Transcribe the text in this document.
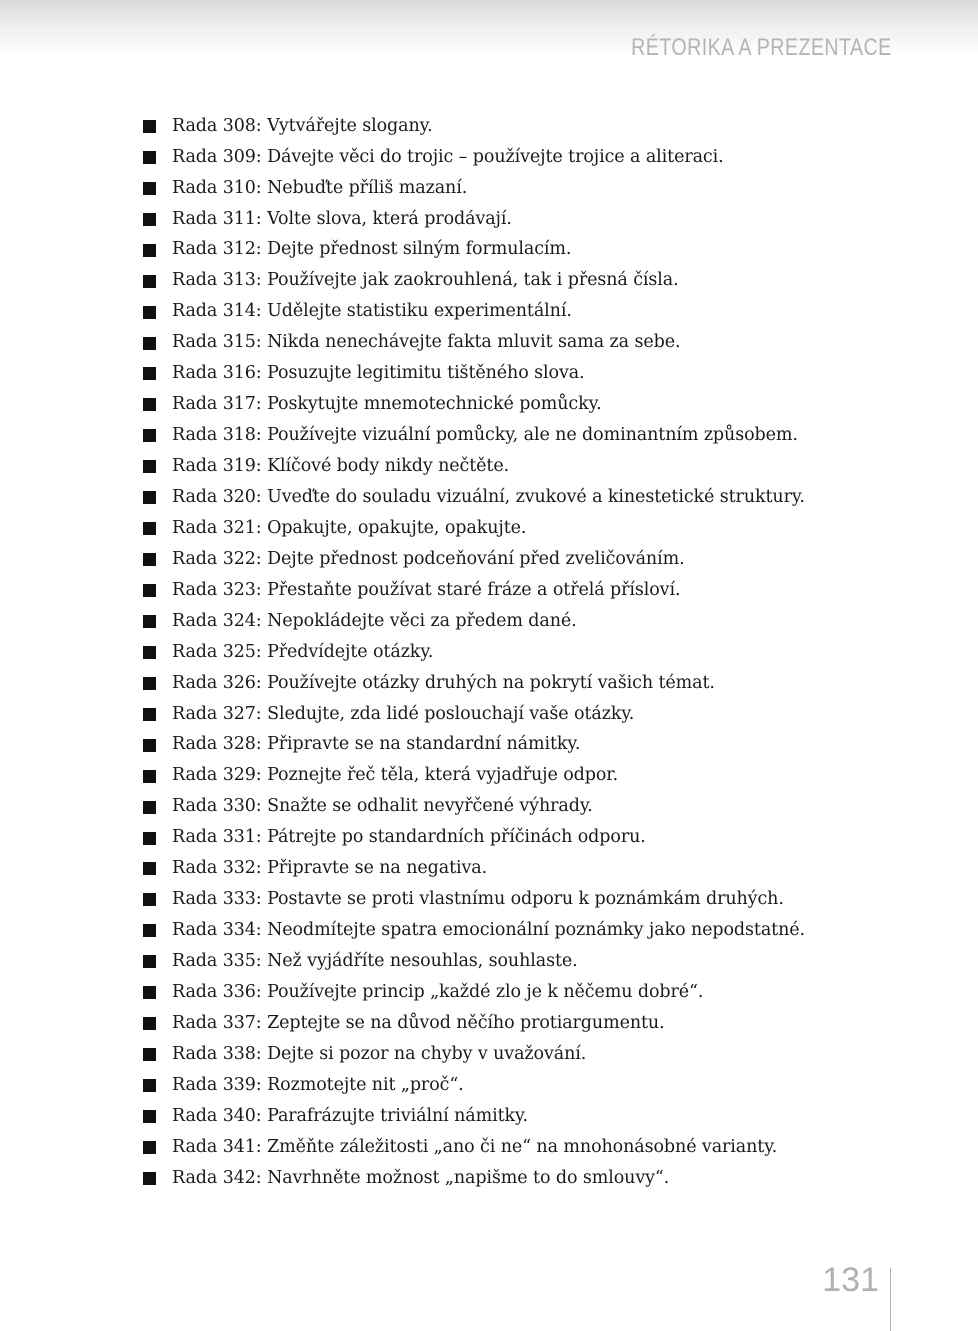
RÉTORIKA A PREZENTACE
Rada 308: Vytvářejte slogany.
Rada 309: Dávejte věci do trojic – používejte trojice a aliteraci.
Rada 310: Nebuďte příliš mazaní.
Rada 311: Volte slova, která prodávají.
Rada 312: Dejte přednost silným formulacím.
Rada 313: Používejte jak zaokrouhlená, tak i přesná čísla.
Rada 314: Udělejte statistiku experimentální.
Rada 315: Nikda nenechávejte fakta mluvit sama za sebe.
Rada 316: Posuzujte legitimitu tištěného slova.
Rada 317: Poskytujte mnemotechnické pomůcky.
Rada 318: Používejte vizuální pomůcky, ale ne dominantním způsobem.
Rada 319: Klíčové body nikdy nečtěte.
Rada 320: Uveďte do souladu vizuální, zvukové a kinestetické struktury.
Rada 321: Opakujte, opakujte, opakujte.
Rada 322: Dejte přednost podceňování před zveličováním.
Rada 323: Přestaňte používat staré fráze a otřelá přísloví.
Rada 324: Nepokládejte věci za předem dané.
Rada 325: Předvídejte otázky.
Rada 326: Používejte otázky druhých na pokrytí vašich témat.
Rada 327: Sledujte, zda lidé poslouchají vaše otázky.
Rada 328: Připravte se na standardní námitky.
Rada 329: Poznejte řeč těla, která vyjadřuje odpor.
Rada 330: Snažte se odhalit nevyřčené výhrady.
Rada 331: Pátrejte po standardních příčinách odporu.
Rada 332: Připravte se na negativa.
Rada 333: Postavte se proti vlastnímu odporu k poznámkám druhých.
Rada 334: Neodmítejte spatra emocionální poznámky jako nepodstatné.
Rada 335: Než vyjádříte nesouhlas, souhlaste.
Rada 336: Používejte princip „každé zlo je k něčemu dobré“.
Rada 337: Zeptejte se na důvod něčího protiargumentu.
Rada 338: Dejte si pozor na chyby v uvažování.
Rada 339: Rozmotejte nit „proč“.
Rada 340: Parafrázujte triviální námitky.
Rada 341: Změňte záležitosti „ano či ne“ na mnohonásobné varianty.
Rada 342: Navrhněte možnost „napišme to do smlouvy“.
131
